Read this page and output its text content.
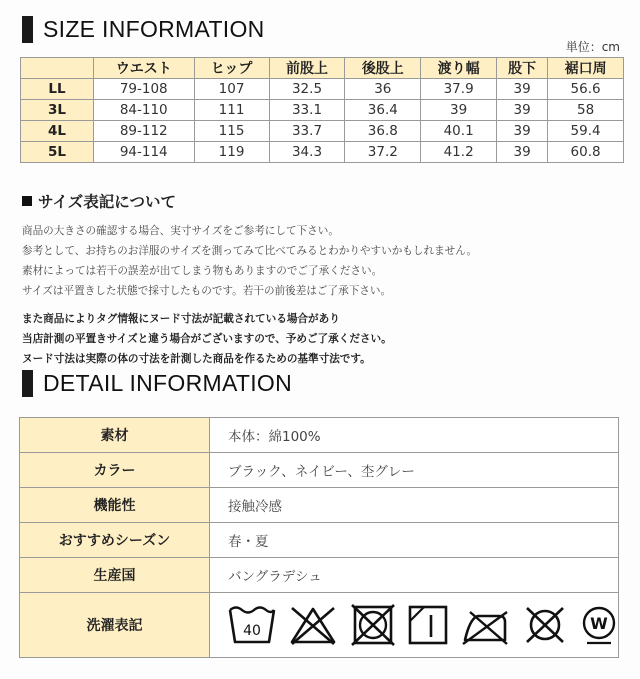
SIZE INFORMATION
単位：cm
	ウエスト	ヒップ	前股上	後股上	渡り幅	股下	裾口周
LL	79-108	107	32.5	36	37.9	39	56.6
3L	84-110	111	33.1	36.4	39	39	58
4L	89-112	115	33.7	36.8	40.1	39	59.4
5L	94-114	119	34.3	37.2	41.2	39	60.8
サイズ表記について
商品の大きさの確認する場合、実寸サイズをご参考にして下さい。
参考として、お持ちのお洋服のサイズを測ってみて比べてみるとわかりやすいかもしれません。
素材によっては若干の誤差が出てしまう物もありますのでご了承ください。
サイズは平置きした状態で採寸したものです。若干の前後差はご了承下さい。
また商品によりタグ情報にヌード寸法が記載されている場合があり
当店計測の平置きサイズと違う場合がございますので、予めご了承ください。
ヌード寸法は実際の体の寸法を計測した商品を作るための基準寸法です。
DETAIL INFORMATION
素材	本体：綿100%
カラー	ブラック、ネイビー、杢グレー
機能性	接触冷感
おすすめシーズン	春・夏
生産国	バングラデシュ
洗濯表記	40 W
